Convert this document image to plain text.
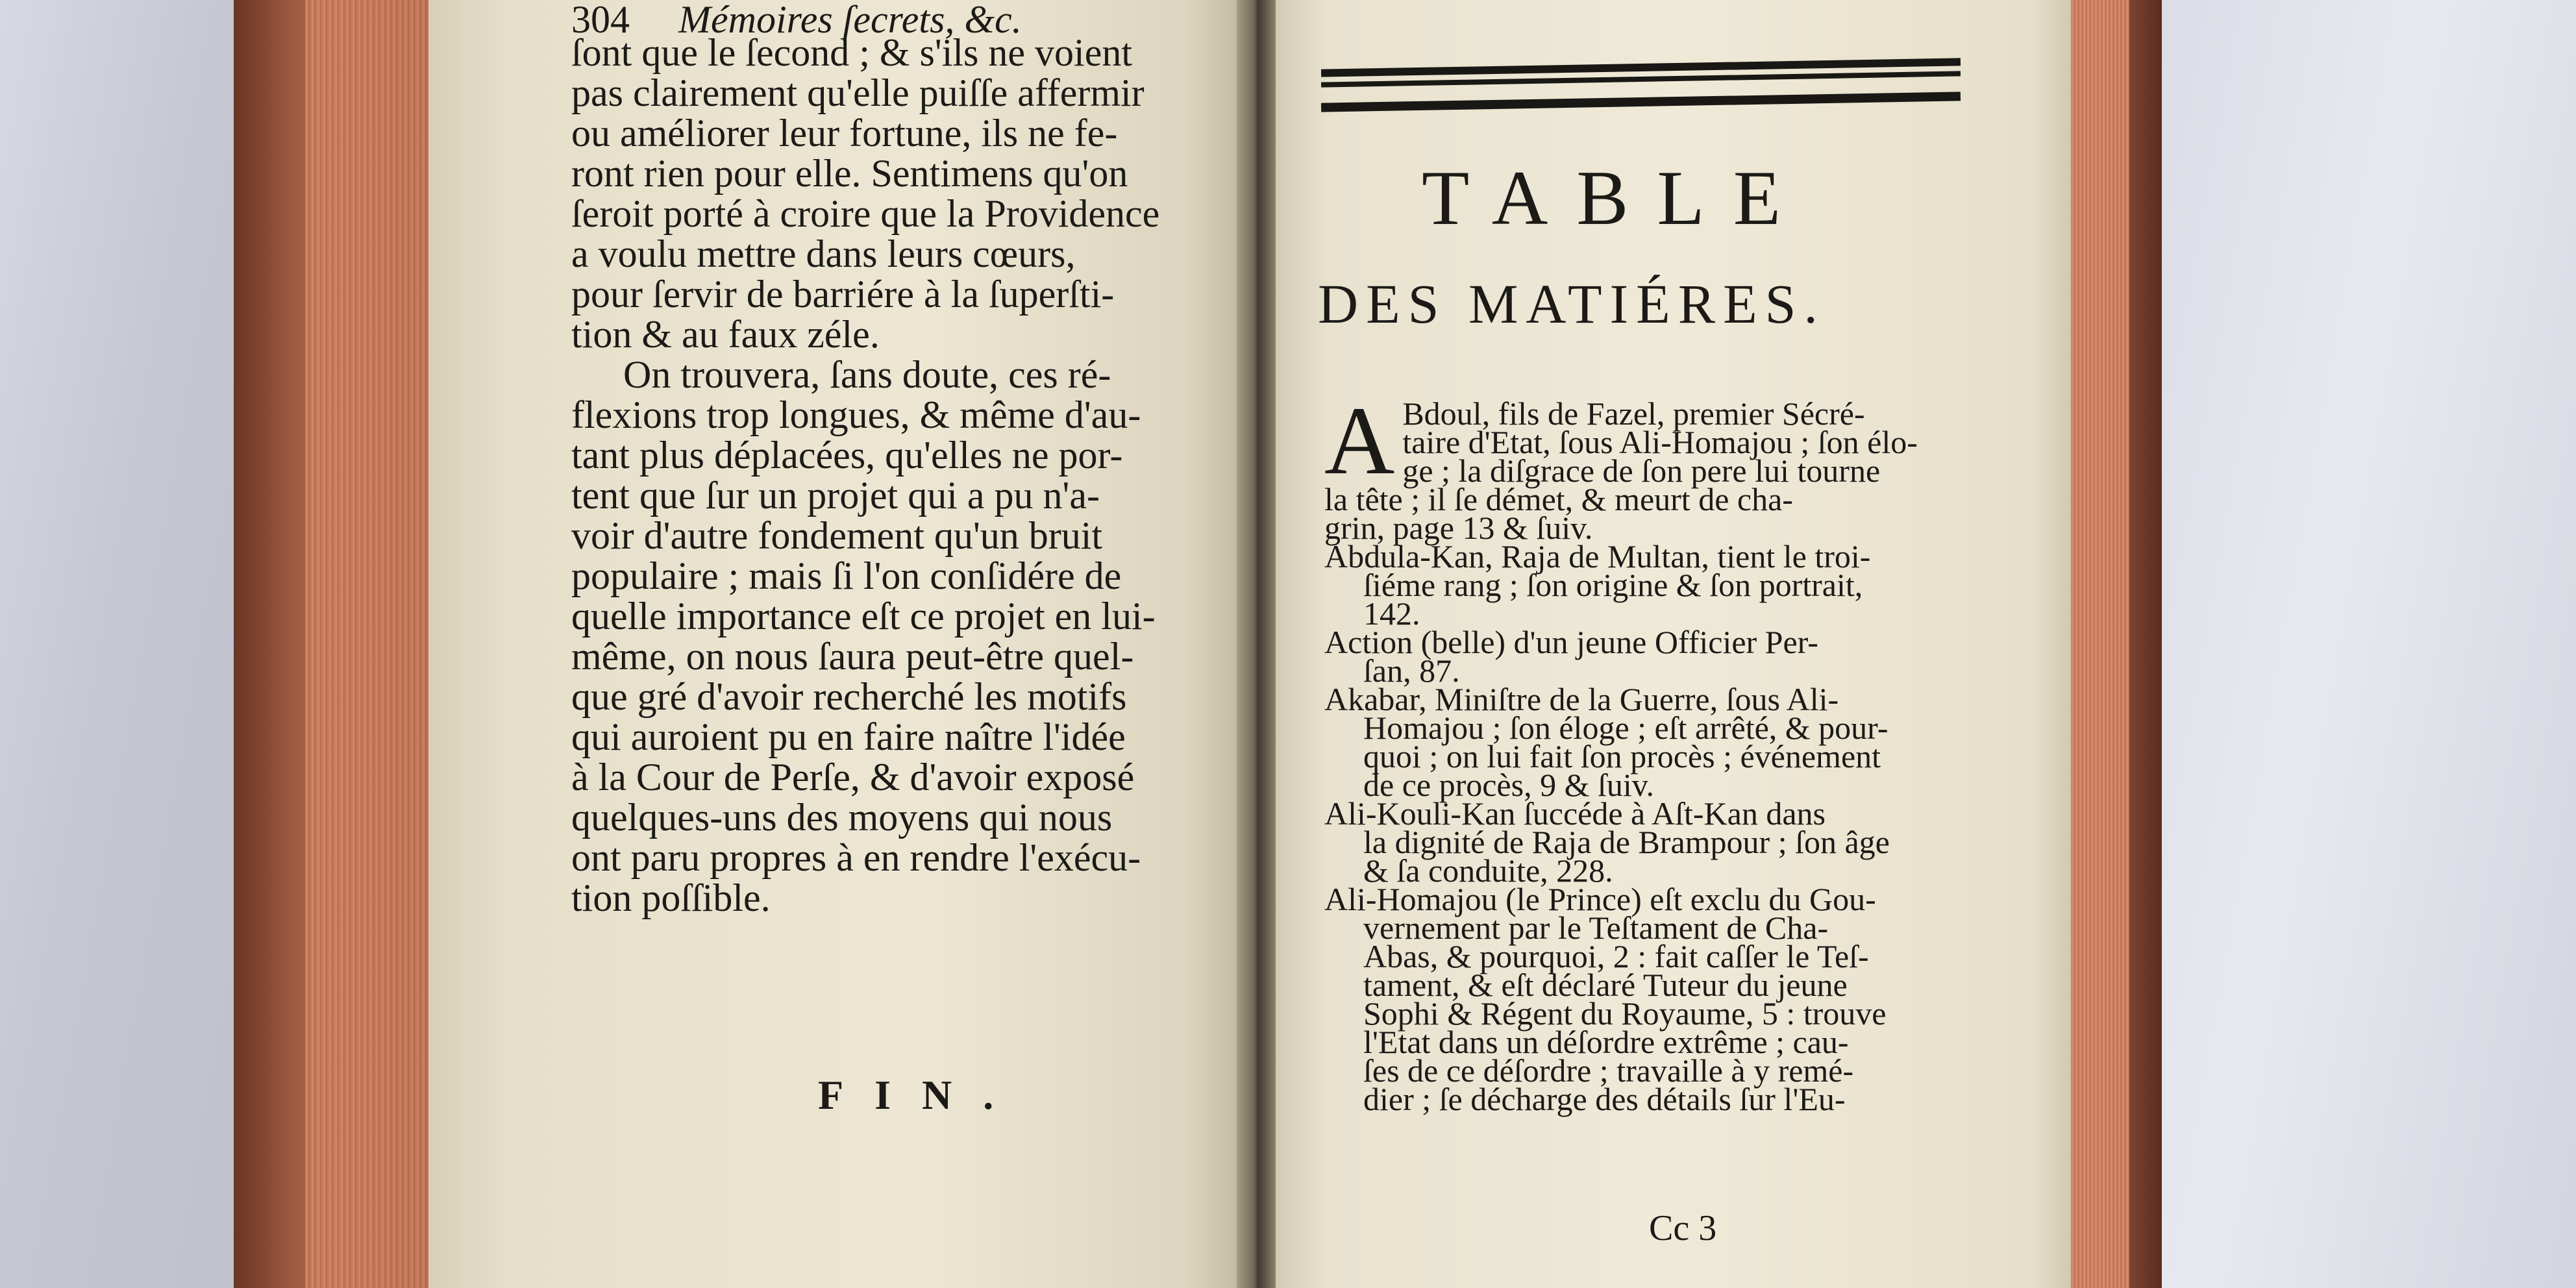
304 Mémoires ſecrets, &c.
ſont que le ſecond ; & s'ils ne voient
pas clairement qu'elle puiſſe affermir
ou améliorer leur fortune, ils ne fe-
ront rien pour elle. Sentimens qu'on
ſeroit porté à croire que la Providence
a voulu mettre dans leurs cœurs,
pour ſervir de barriére à la ſuperſti-
tion & au faux zéle.
On trouvera, ſans doute, ces ré-
flexions trop longues, & même d'au-
tant plus déplacées, qu'elles ne por-
tent que ſur un projet qui a pu n'a-
voir d'autre fondement qu'un bruit
populaire ; mais ſi l'on conſidére de
quelle importance eſt ce projet en lui-
même, on nous ſaura peut-être quel-
que gré d'avoir recherché les motifs
qui auroient pu en faire naître l'idée
à la Cour de Perſe, & d'avoir exposé
quelques-uns des moyens qui nous
ont paru propres à en rendre l'exécu-
tion poſſible.
FIN.
TABLE
DES MATIÉRES.
A Bdoul, fils de Fazel, premier Sécré-
taire d'Etat, ſous Ali-Homajou ; ſon élo-
ge ; la diſgrace de ſon pere lui tourne
la tête ; il ſe démet, & meurt de cha-
grin, page 13 & ſuiv.
Abdula-Kan, Raja de Multan, tient le troi-
ſiéme rang ; ſon origine & ſon portrait,
142.
Action (belle) d'un jeune Officier Per-
ſan, 87.
Akabar, Miniſtre de la Guerre, ſous Ali-
Homajou ; ſon éloge ; eſt arrêté, & pour-
quoi ; on lui fait ſon procès ; événement
de ce procès, 9 & ſuiv.
Ali-Kouli-Kan ſuccéde à Aſt-Kan dans
la dignité de Raja de Brampour ; ſon âge
& ſa conduite, 228.
Ali-Homajou (le Prince) eſt exclu du Gou-
vernement par le Teſtament de Cha-
Abas, & pourquoi, 2 : fait caſſer le Teſ-
tament, & eſt déclaré Tuteur du jeune
Sophi & Régent du Royaume, 5 : trouve
l'Etat dans un déſordre extrême ; cau-
ſes de ce déſordre ; travaille à y remé-
dier ; ſe décharge des détails ſur l'Eu-
Cc 3
